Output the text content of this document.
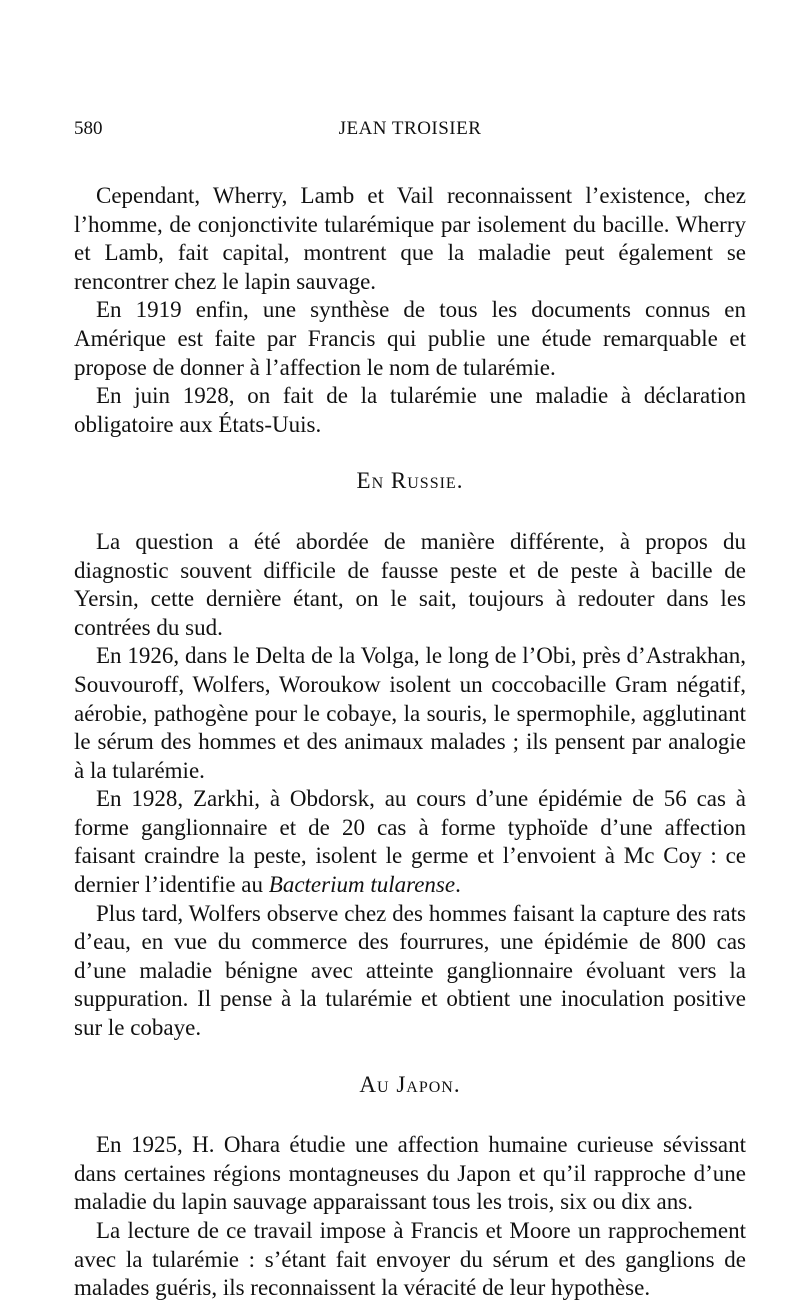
580	JEAN TROISIER

Cependant, Wherry, Lamb et Vail reconnaissent l’existence, chez l’homme, de conjonctivite tularémique par isolement du bacille. Wherry et Lamb, fait capital, montrent que la maladie peut également se rencontrer chez le lapin sauvage.

En 1919 enfin, une synthèse de tous les documents connus en Amérique est faite par Francis qui publie une étude remarquable et propose de donner à l’affection le nom de tularémie.

En juin 1928, on fait de la tularémie une maladie à déclaration obligatoire aux États-Uuis.

En Russie.

La question a été abordée de manière différente, à propos du diagnostic souvent difficile de fausse peste et de peste à bacille de Yersin, cette dernière étant, on le sait, toujours à redouter dans les contrées du sud.

En 1926, dans le Delta de la Volga, le long de l’Obi, près d’Astrakhan, Souvouroff, Wolfers, Woroukow isolent un coccobacille Gram négatif, aérobie, pathogène pour le cobaye, la souris, le spermophile, agglutinant le sérum des hommes et des animaux malades ; ils pensent par analogie à la tularémie.

En 1928, Zarkhi, à Obdorsk, au cours d’une épidémie de 56 cas à forme ganglionnaire et de 20 cas à forme typhoïde d’une affection faisant craindre la peste, isolent le germe et l’envoient à Mc Coy : ce dernier l’identifie au Bacterium tularense.

Plus tard, Wolfers observe chez des hommes faisant la capture des rats d’eau, en vue du commerce des fourrures, une épidémie de 800 cas d’une maladie bénigne avec atteinte ganglionnaire évoluant vers la suppuration. Il pense à la tularémie et obtient une inoculation positive sur le cobaye.

Au Japon.

En 1925, H. Ohara étudie une affection humaine curieuse sévissant dans certaines régions montagneuses du Japon et qu’il rapproche d’une maladie du lapin sauvage apparaissant tous les trois, six ou dix ans.

La lecture de ce travail impose à Francis et Moore un rapprochement avec la tularémie : s’étant fait envoyer du sérum et des ganglions de malades guéris, ils reconnaissent la véracité de leur hypothèse.
